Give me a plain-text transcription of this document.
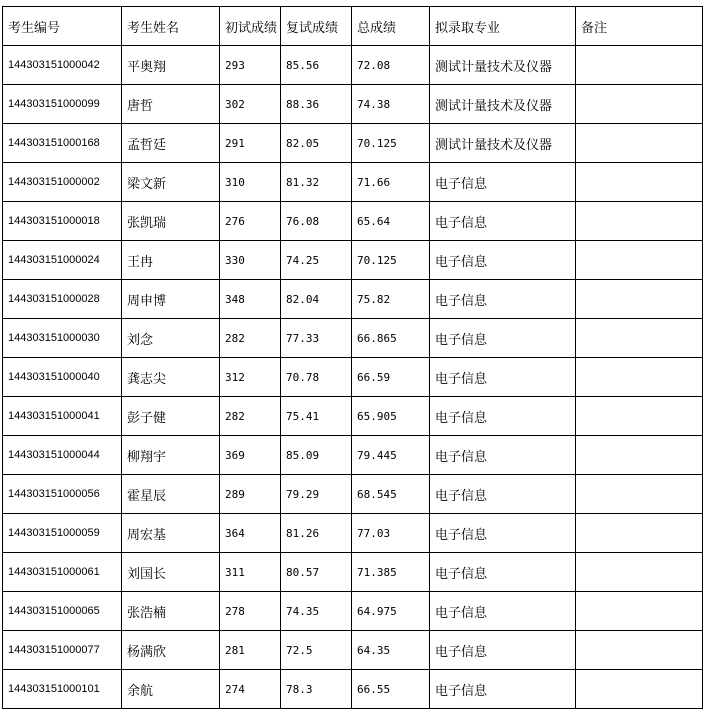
考生编号	考生姓名	初试成绩	复试成绩	总成绩	拟录取专业	备注
144303151000042	平奥翔	293	85.56	72.08	测试计量技术及仪器	
144303151000099	唐哲	302	88.36	74.38	测试计量技术及仪器	
144303151000168	孟哲廷	291	82.05	70.125	测试计量技术及仪器	
144303151000002	梁文新	310	81.32	71.66	电子信息	
144303151000018	张凯瑞	276	76.08	65.64	电子信息	
144303151000024	王冉	330	74.25	70.125	电子信息	
144303151000028	周申博	348	82.04	75.82	电子信息	
144303151000030	刘念	282	77.33	66.865	电子信息	
144303151000040	龚志尖	312	70.78	66.59	电子信息	
144303151000041	彭子健	282	75.41	65.905	电子信息	
144303151000044	柳翔宇	369	85.09	79.445	电子信息	
144303151000056	霍星辰	289	79.29	68.545	电子信息	
144303151000059	周宏基	364	81.26	77.03	电子信息	
144303151000061	刘国长	311	80.57	71.385	电子信息	
144303151000065	张浩楠	278	74.35	64.975	电子信息	
144303151000077	杨满欣	281	72.5	64.35	电子信息	
144303151000101	余航	274	78.3	66.55	电子信息	
